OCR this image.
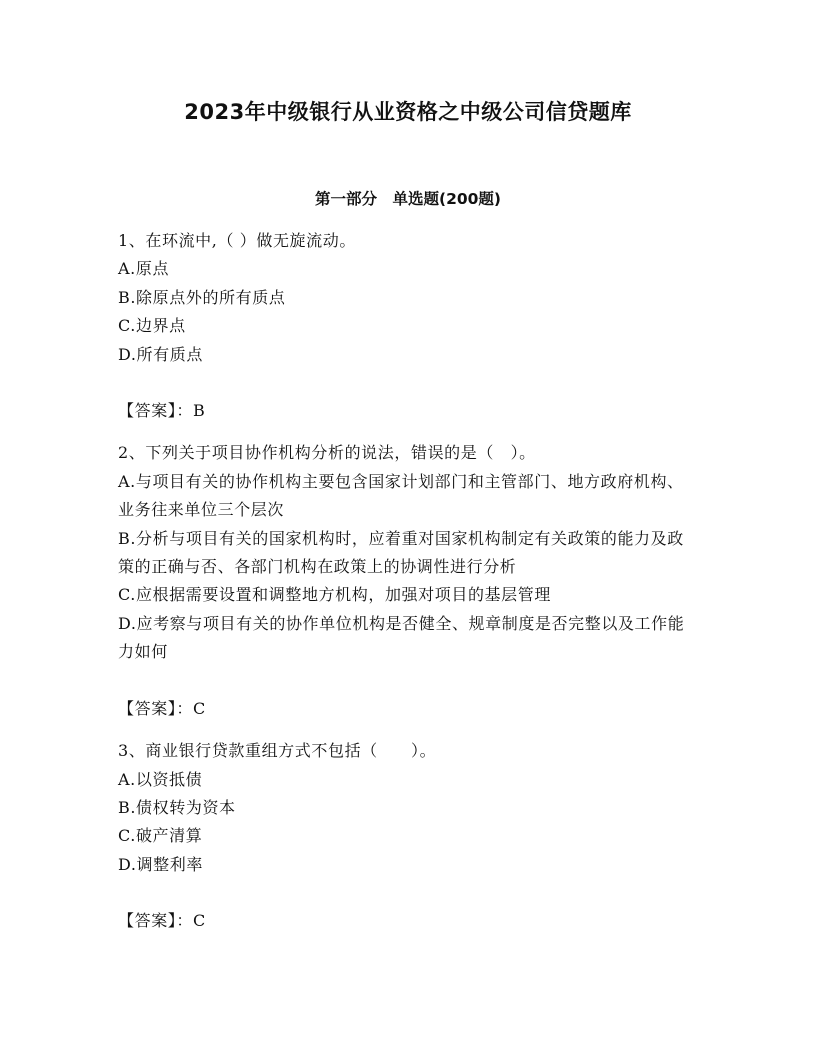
2023年中级银行从业资格之中级公司信贷题库
第一部分　单选题(200题)

1、在环流中,（ ）做无旋流动。

A.原点

B.除原点外的所有质点

C.边界点

D.所有质点

【答案】：B

2、下列关于项目协作机构分析的说法，错误的是（　）。

A.与项目有关的协作机构主要包含国家计划部门和主管部门、地方政府机构、业务往来单位三个层次

B.分析与项目有关的国家机构时，应着重对国家机构制定有关政策的能力及政策的正确与否、各部门机构在政策上的协调性进行分析

C.应根据需要设置和调整地方机构，加强对项目的基层管理

D.应考察与项目有关的协作单位机构是否健全、规章制度是否完整以及工作能力如何

【答案】：C

3、商业银行贷款重组方式不包括（　　）。

A.以资抵债

B.债权转为资本

C.破产清算

D.调整利率

【答案】：C
